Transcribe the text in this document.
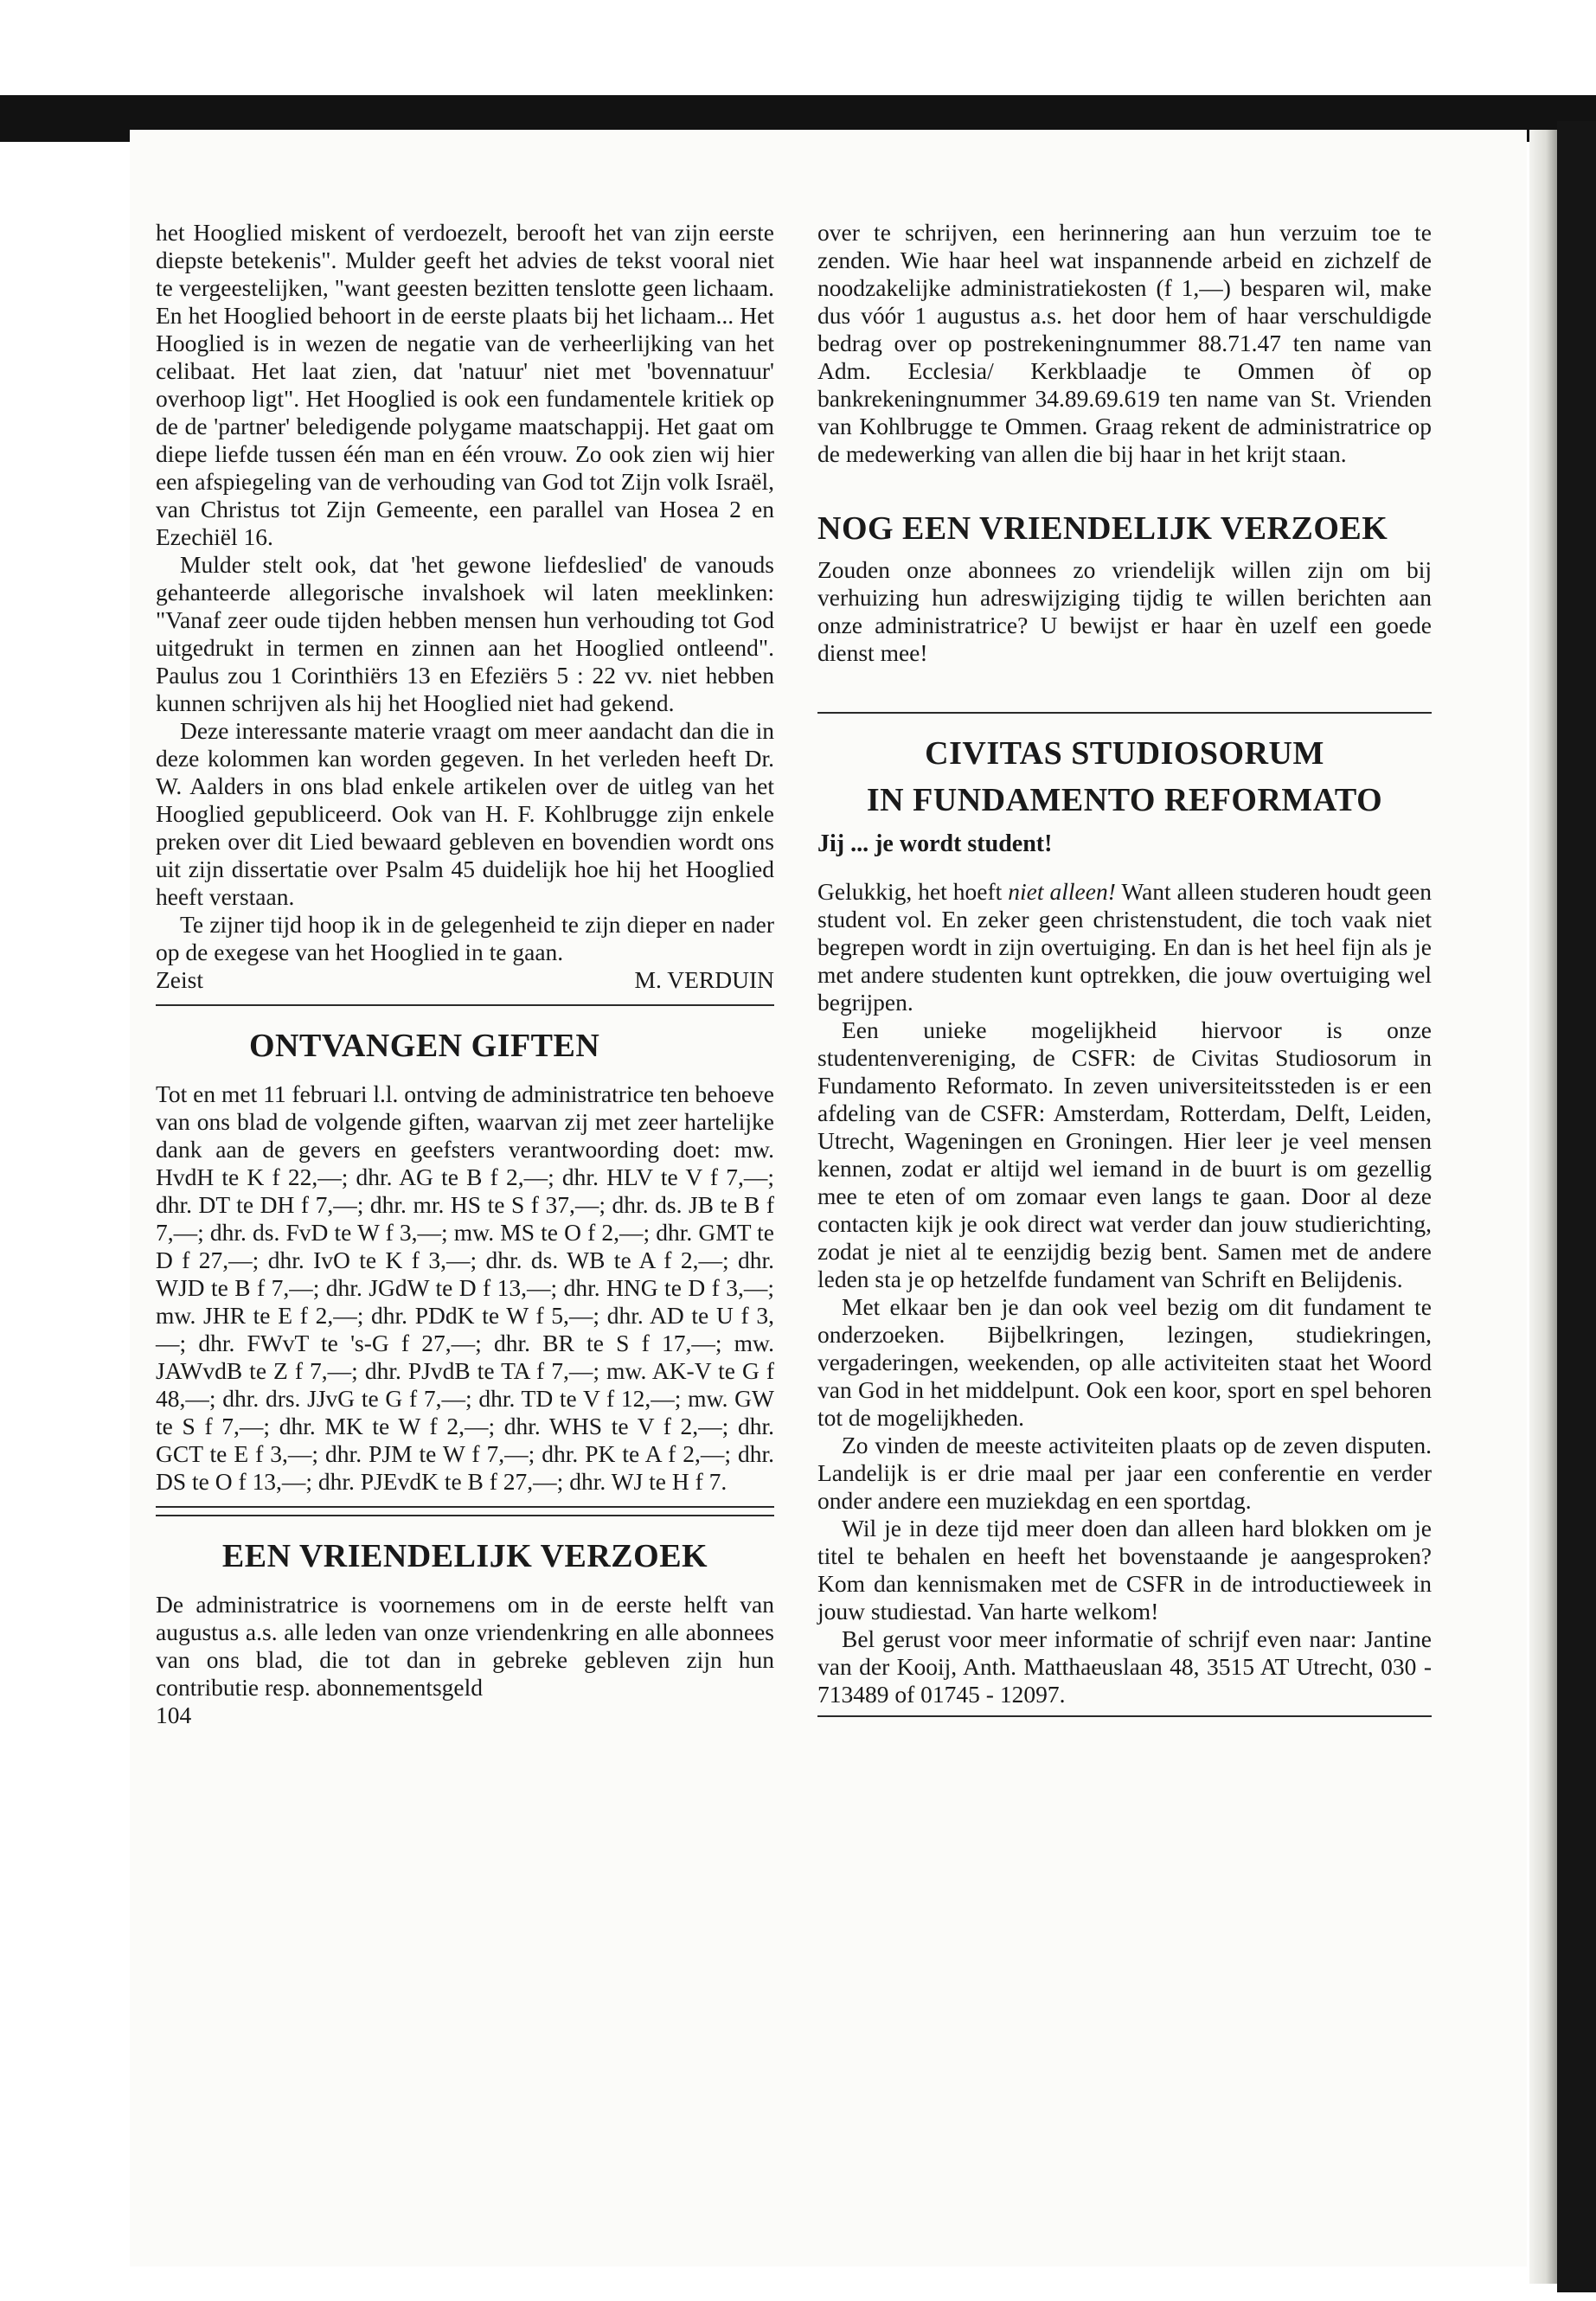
het Hooglied miskent of verdoezelt, berooft het van zijn eerste diepste betekenis". Mulder geeft het advies de tekst vooral niet te vergeestelijken, "want geesten bezitten tenslotte geen lichaam. En het Hooglied behoort in de eerste plaats bij het lichaam... Het Hooglied is in wezen de negatie van de verheerlijking van het celibaat. Het laat zien, dat 'natuur' niet met 'bovennatuur' overhoop ligt". Het Hooglied is ook een fundamentele kritiek op de de 'partner' beledigende polygame maatschappij. Het gaat om diepe liefde tussen één man en één vrouw. Zo ook zien wij hier een afspiegeling van de verhouding van God tot Zijn volk Israël, van Christus tot Zijn Gemeente, een parallel van Hosea 2 en Ezechiël 16.

Mulder stelt ook, dat 'het gewone liefdeslied' de vanouds gehanteerde allegorische invalshoek wil laten meeklinken: "Vanaf zeer oude tijden hebben mensen hun verhouding tot God uitgedrukt in termen en zinnen aan het Hooglied ontleend". Paulus zou 1 Corinthiërs 13 en Efeziërs 5 : 22 vv. niet hebben kunnen schrijven als hij het Hooglied niet had gekend.

Deze interessante materie vraagt om meer aandacht dan die in deze kolommen kan worden gegeven. In het verleden heeft Dr. W. Aalders in ons blad enkele artikelen over de uitleg van het Hooglied gepubliceerd. Ook van H. F. Kohlbrugge zijn enkele preken over dit Lied bewaard gebleven en bovendien wordt ons uit zijn dissertatie over Psalm 45 duidelijk hoe hij het Hooglied heeft verstaan.

Te zijner tijd hoop ik in de gelegenheid te zijn dieper en nader op de exegese van het Hooglied in te gaan.

Zeist	M. VERDUIN
ONTVANGEN GIFTEN

Tot en met 11 februari l.l. ontving de administratrice ten behoeve van ons blad de volgende giften, waarvan zij met zeer hartelijke dank aan de gevers en geefsters verantwoording doet: mw. HvdH te K f 22,—; dhr. AG te B f 2,—; dhr. HLV te V f 7,—; dhr. DT te DH f 7,—; dhr. mr. HS te S f 37,—; dhr. ds. JB te B f 7,—; dhr. ds. FvD te W f 3,—; mw. MS te O f 2,—; dhr. GMT te D f 27,—; dhr. IvO te K f 3,—; dhr. ds. WB te A f 2,—; dhr. WJD te B f 7,—; dhr. JGdW te D f 13,—; dhr. HNG te D f 3,—; mw. JHR te E f 2,—; dhr. PDdK te W f 5,—; dhr. AD te U f 3,—; dhr. FWvT te 's-G f 27,—; dhr. BR te S f 17,—; mw. JAWvdB te Z f 7,—; dhr. PJvdB te TA f 7,—; mw. AK-V te G f 48,—; dhr. drs. JJvG te G f 7,—; dhr. TD te V f 12,—; mw. GW te S f 7,—; dhr. MK te W f 2,—; dhr. WHS te V f 2,—; dhr. GCT te E f 3,—; dhr. PJM te W f 7,—; dhr. PK te A f 2,—; dhr. DS te O f 13,—; dhr. PJEvdK te B f 27,—; dhr. WJ te H f 7.

EEN VRIENDELIJK VERZOEK

De administratrice is voornemens om in de eerste helft van augustus a.s. alle leden van onze vriendenkring en alle abonnees van ons blad, die tot dan in gebreke gebleven zijn hun contributie resp. abonnementsgeld

104

over te schrijven, een herinnering aan hun verzuim toe te zenden. Wie haar heel wat inspannende arbeid en zichzelf de noodzakelijke administratiekosten (f 1,—) besparen wil, make dus vóór 1 augustus a.s. het door hem of haar verschuldigde bedrag over op postrekeningnummer 88.71.47 ten name van Adm. Ecclesia/ Kerkblaadje te Ommen òf op bankrekeningnummer 34.89.69.619 ten name van St. Vrienden van Kohlbrugge te Ommen. Graag rekent de administratrice op de medewerking van allen die bij haar in het krijt staan.

NOG EEN VRIENDELIJK VERZOEK

Zouden onze abonnees zo vriendelijk willen zijn om bij verhuizing hun adreswijziging tijdig te willen berichten aan onze administratrice? U bewijst er haar èn uzelf een goede dienst mee!

CIVITAS STUDIOSORUM
IN FUNDAMENTO REFORMATO

Jij ... je wordt student!

Gelukkig, het hoeft niet alleen! Want alleen studeren houdt geen student vol. En zeker geen christenstudent, die toch vaak niet begrepen wordt in zijn overtuiging. En dan is het heel fijn als je met andere studenten kunt optrekken, die jouw overtuiging wel begrijpen.

Een unieke mogelijkheid hiervoor is onze studentenvereniging, de CSFR: de Civitas Studiosorum in Fundamento Reformato. In zeven universiteitssteden is er een afdeling van de CSFR: Amsterdam, Rotterdam, Delft, Leiden, Utrecht, Wageningen en Groningen. Hier leer je veel mensen kennen, zodat er altijd wel iemand in de buurt is om gezellig mee te eten of om zomaar even langs te gaan. Door al deze contacten kijk je ook direct wat verder dan jouw studierichting, zodat je niet al te eenzijdig bezig bent. Samen met de andere leden sta je op hetzelfde fundament van Schrift en Belijdenis.

Met elkaar ben je dan ook veel bezig om dit fundament te onderzoeken. Bijbelkringen, lezingen, studiekringen, vergaderingen, weekenden, op alle activiteiten staat het Woord van God in het middelpunt. Ook een koor, sport en spel behoren tot de mogelijkheden.

Zo vinden de meeste activiteiten plaats op de zeven disputen. Landelijk is er drie maal per jaar een conferentie en verder onder andere een muziekdag en een sportdag.

Wil je in deze tijd meer doen dan alleen hard blokken om je titel te behalen en heeft het bovenstaande je aangesproken? Kom dan kennismaken met de CSFR in de introductieweek in jouw studiestad. Van harte welkom!

Bel gerust voor meer informatie of schrijf even naar: Jantine van der Kooij, Anth. Matthaeuslaan 48, 3515 AT Utrecht, 030 - 713489 of 01745 - 12097.
